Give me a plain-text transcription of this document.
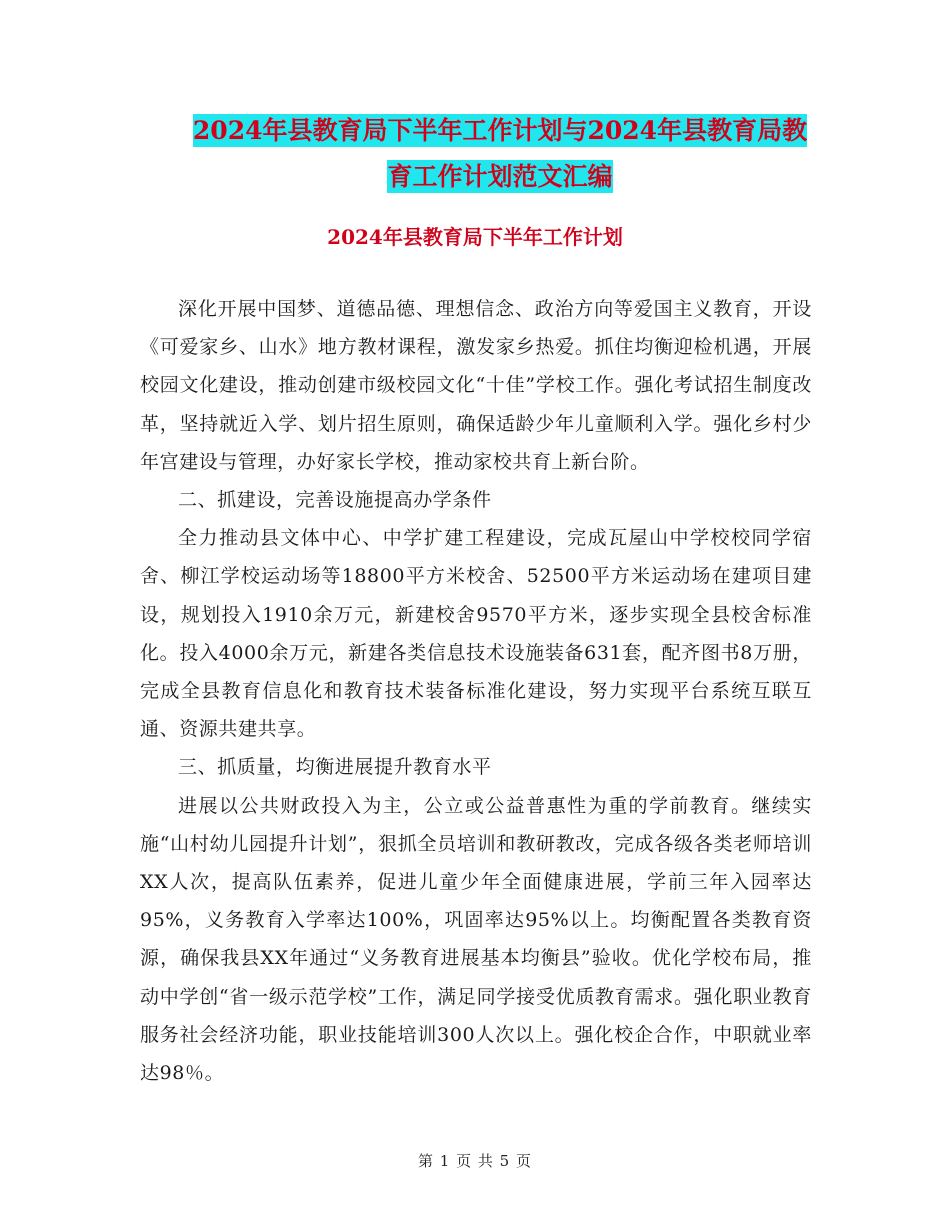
2024年县教育局下半年工作计划与2024年县教育局教
育工作计划范文汇编
2024年县教育局下半年工作计划

深化开展中国梦、道德品德、理想信念、政治方向等爱国主义教育，开设《可爱家乡、山水》地方教材课程，激发家乡热爱。抓住均衡迎检机遇，开展校园文化建设，推动创建市级校园文化“十佳”学校工作。强化考试招生制度改革，坚持就近入学、划片招生原则，确保适龄少年儿童顺利入学。强化乡村少年宫建设与管理，办好家长学校，推动家校共育上新台阶。

二、抓建设，完善设施提高办学条件

全力推动县文体中心、中学扩建工程建设，完成瓦屋山中学校校同学宿舍、柳江学校运动场等18800平方米校舍、52500平方米运动场在建项目建设，规划投入1910余万元，新建校舍9570平方米，逐步实现全县校舍标准化。投入4000余万元，新建各类信息技术设施装备631套，配齐图书8万册，完成全县教育信息化和教育技术装备标准化建设，努力实现平台系统互联互通、资源共建共享。

三、抓质量，均衡进展提升教育水平

进展以公共财政投入为主，公立或公益普惠性为重的学前教育。继续实施“山村幼儿园提升计划”，狠抓全员培训和教研教改，完成各级各类老师培训XX人次，提高队伍素养，促进儿童少年全面健康进展，学前三年入园率达95%，义务教育入学率达100%，巩固率达95%以上。均衡配置各类教育资源，确保我县XX年通过“义务教育进展基本均衡县”验收。优化学校布局，推动中学创“省一级示范学校”工作，满足同学接受优质教育需求。强化职业教育服务社会经济功能，职业技能培训300人次以上。强化校企合作，中职就业率达98％。

第 1 页 共 5 页
